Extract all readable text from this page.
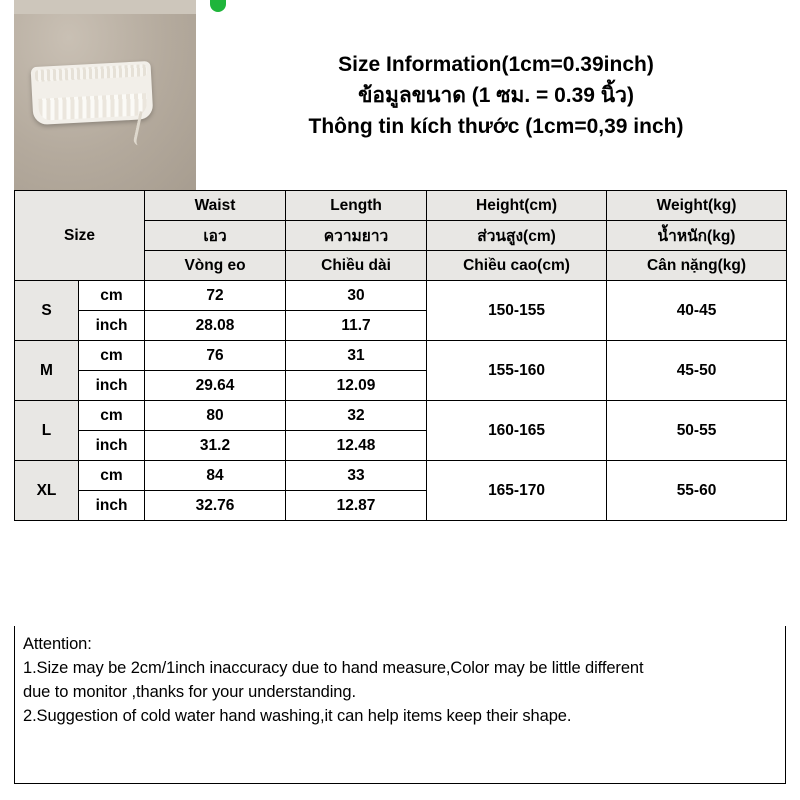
Size Information(1cm=0.39inch)
ข้อมูลขนาด (1 ซม. = 0.39 นิ้ว)
Thông tin kích thước (1cm=0,39 inch)
Size		Waist	Length	Height(cm)	Weight(kg)
		เอว	ความยาว	ส่วนสูง(cm)	น้ำหนัก(kg)
		Vòng eo	Chiều dài	Chiều cao(cm)	Cân nặng(kg)
S	cm	72	30	150-155	40-45
	inch	28.08	11.7		
M	cm	76	31	155-160	45-50
	inch	29.64	12.09		
L	cm	80	32	160-165	50-55
	inch	31.2	12.48		
XL	cm	84	33	165-170	55-60
	inch	32.76	12.87		

Attention:

1.Size may be 2cm/1inch inaccuracy due to hand measure,Color may be little different

due to monitor ,thanks for your understanding.

2.Suggestion of cold water hand washing,it can help items keep their shape.
